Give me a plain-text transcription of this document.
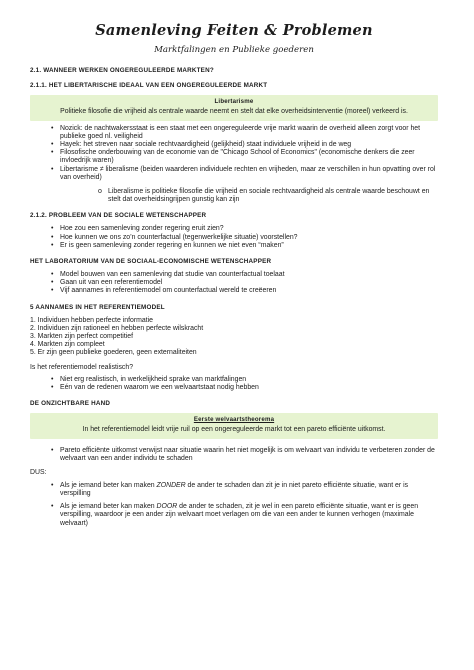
Samenleving Feiten & Problemen
Marktfalingen en Publieke goederen
2.1. WANNEER WERKEN ONGEREGULEERDE MARKTEN?
2.1.1. HET LIBERTARISCHE IDEAAL VAN EEN ONGEREGULEERDE MARKT
Libertarisme
Politieke filosofie die vrijheid als centrale waarde neemt en stelt dat elke overheidsinterventie (moreel) verkeerd is.
• Nozick: de nachtwakersstaat is een staat met een ongereguleerde vrije markt waarin de overheid alleen zorgt voor het publieke goed nl. veiligheid
• Hayek: het streven naar sociale rechtvaardigheid (gelijkheid) staat individuele vrijheid in de weg
• Filosofische onderbouwing van de economie van de "Chicago School of Economics" (economische denkers die zeer invloedrijk waren)
• Libertarisme ≠ liberalisme (beiden waarderen individuele rechten en vrijheden, maar ze verschillen in hun opvatting over rol van overheid)
o Liberalisme is politieke filosofie die vrijheid en sociale rechtvaardigheid als centrale waarde beschouwt en stelt dat overheidsingrijpen gunstig kan zijn
2.1.2. PROBLEEM VAN DE SOCIALE WETENSCHAPPER
• Hoe zou een samenleving zonder regering eruit zien?
• Hoe kunnen we ons zo’n counterfactual (tegenwerkelijke situatie) voorstellen?
• Er is geen samenleving zonder regering en kunnen we niet even “maken”
HET LABORATORIUM VAN DE SOCIAAL-ECONOMISCHE WETENSCHAPPER
• Model bouwen van een samenleving dat studie van counterfactual toelaat
• Gaan uit van een referentiemodel
• Vijf aannames in referentiemodel om counterfactual wereld te creëeren
5 AANNAMES IN HET REFERENTIEMODEL
1. Individuen hebben perfecte informatie
2. Individuen zijn rationeel en hebben perfecte wilskracht
3. Markten zijn perfect competitief
4. Markten zijn compleet
5. Er zijn geen publieke goederen, geen externaliteiten

Is het referentiemodel realistisch?

• Niet erg realistisch, in werkelijkheid sprake van marktfalingen
• Eén van de redenen waarom we een welvaartstaat nodig hebben
DE ONZICHTBARE HAND
Eerste welvaartstheorema
In het referentiemodel leidt vrije ruil op een ongereguleerde markt tot een pareto efficiënte uitkomst.
• Pareto efficiënte uitkomst verwijst naar situatie waarin het niet mogelijk is om welvaart van individu te verbeteren zonder de welvaart van een ander individu te schaden

DUS:

• Als je iemand beter kan maken ZONDER de ander te schaden dan zit je in niet pareto efficiënte situatie, want er is verspilling
• Als je iemand beter kan maken DOOR de ander te schaden, zit je wel in een pareto efficiënte situatie, want er is geen verspilling, waardoor je een ander zijn welvaart moet verlagen om die van een ander te kunnen verhogen (maximale welvaart)
